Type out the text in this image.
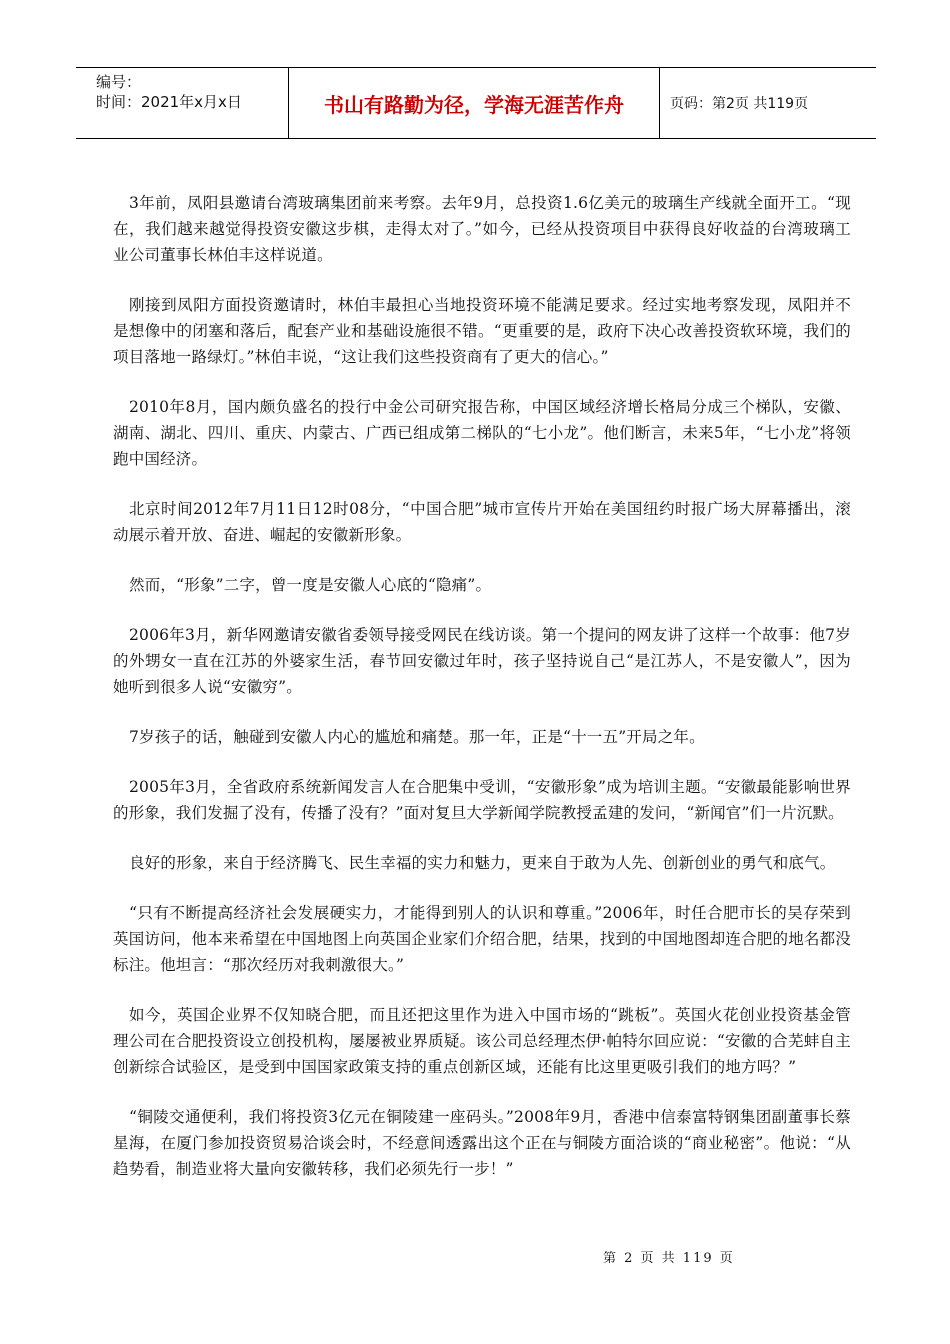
编号：
时间：2021年x月x日	书山有路勤为径，学海无涯苦作舟	页码：第2页 共119页

3年前，凤阳县邀请台湾玻璃集团前来考察。去年9月，总投资1.6亿美元的玻璃生产线就全面开工。“现在，我们越来越觉得投资安徽这步棋，走得太对了。”如今，已经从投资项目中获得良好收益的台湾玻璃工业公司董事长林伯丰这样说道。

刚接到凤阳方面投资邀请时，林伯丰最担心当地投资环境不能满足要求。经过实地考察发现，凤阳并不是想像中的闭塞和落后，配套产业和基础设施很不错。“更重要的是，政府下决心改善投资软环境，我们的项目落地一路绿灯。”林伯丰说，“这让我们这些投资商有了更大的信心。”

2010年8月，国内颇负盛名的投行中金公司研究报告称，中国区域经济增长格局分成三个梯队，安徽、湖南、湖北、四川、重庆、内蒙古、广西已组成第二梯队的“七小龙”。他们断言，未来5年，“七小龙”将领跑中国经济。

北京时间2012年7月11日12时08分，“中国合肥”城市宣传片开始在美国纽约时报广场大屏幕播出，滚动展示着开放、奋进、崛起的安徽新形象。

然而，“形象”二字，曾一度是安徽人心底的“隐痛”。

2006年3月，新华网邀请安徽省委领导接受网民在线访谈。第一个提问的网友讲了这样一个故事：他7岁的外甥女一直在江苏的外婆家生活，春节回安徽过年时，孩子坚持说自己“是江苏人，不是安徽人”，因为她听到很多人说“安徽穷”。

7岁孩子的话，触碰到安徽人内心的尴尬和痛楚。那一年，正是“十一五”开局之年。

2005年3月，全省政府系统新闻发言人在合肥集中受训，“安徽形象”成为培训主题。“安徽最能影响世界的形象，我们发掘了没有，传播了没有？”面对复旦大学新闻学院教授孟建的发问，“新闻官”们一片沉默。

良好的形象，来自于经济腾飞、民生幸福的实力和魅力，更来自于敢为人先、创新创业的勇气和底气。

“只有不断提高经济社会发展硬实力，才能得到别人的认识和尊重。”2006年，时任合肥市长的吴存荣到英国访问，他本来希望在中国地图上向英国企业家们介绍合肥，结果，找到的中国地图却连合肥的地名都没标注。他坦言：“那次经历对我刺激很大。”

如今，英国企业界不仅知晓合肥，而且还把这里作为进入中国市场的“跳板”。英国火花创业投资基金管理公司在合肥投资设立创投机构，屡屡被业界质疑。该公司总经理杰伊·帕特尔回应说：“安徽的合芜蚌自主创新综合试验区，是受到中国国家政策支持的重点创新区域，还能有比这里更吸引我们的地方吗？”

“铜陵交通便利，我们将投资3亿元在铜陵建一座码头。”2008年9月，香港中信泰富特钢集团副董事长蔡星海，在厦门参加投资贸易洽谈会时，不经意间透露出这个正在与铜陵方面洽谈的“商业秘密”。他说：“从趋势看，制造业将大量向安徽转移，我们必须先行一步！”

第 2 页 共 119 页
